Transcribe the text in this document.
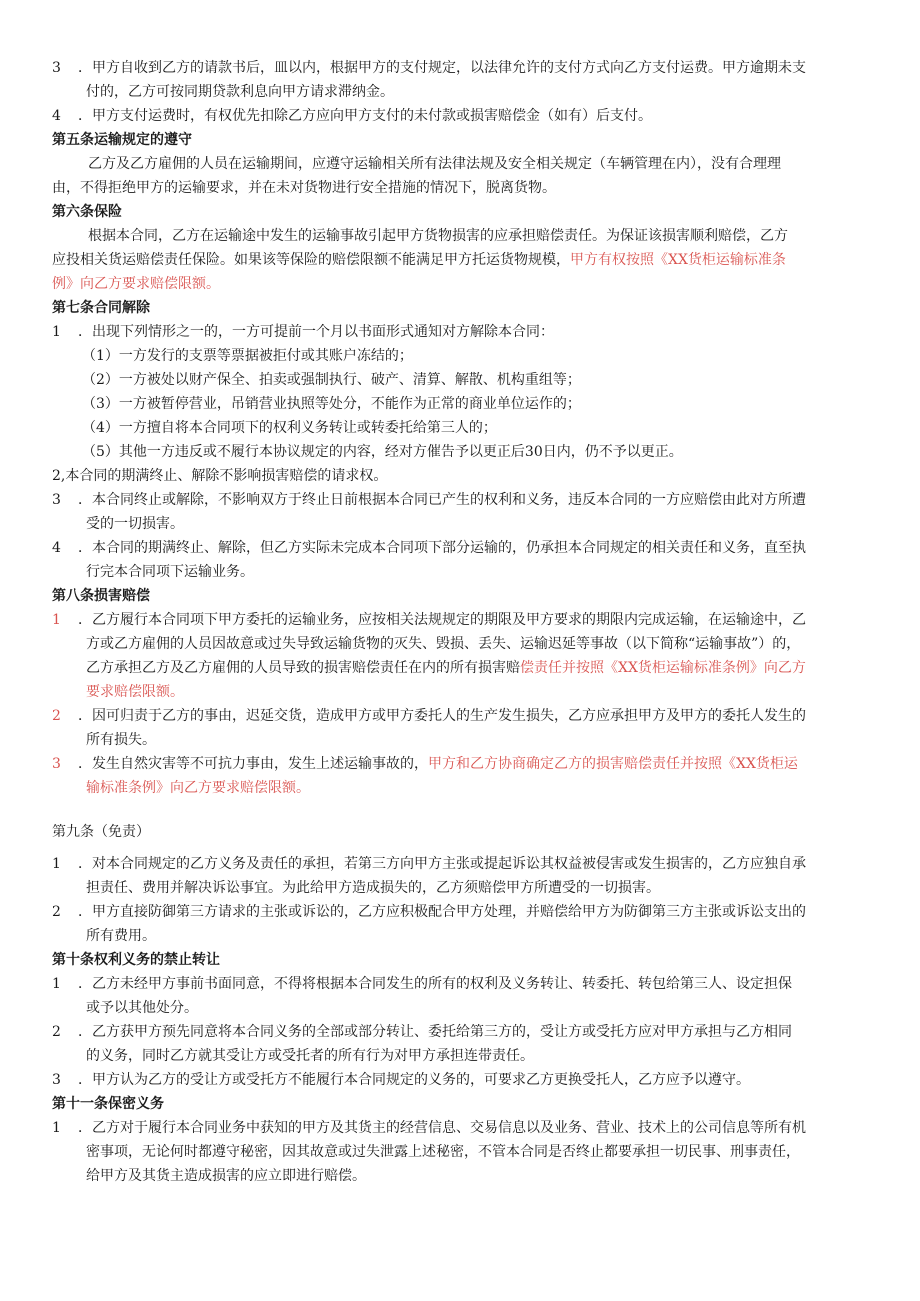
3 ．甲方自收到乙方的请款书后，皿以内，根据甲方的支付规定，以法律允许的支付方式向乙方支付运费。甲方逾期未支
付的，乙方可按同期贷款利息向甲方请求滞纳金。
4 ．甲方支付运费时，有权优先扣除乙方应向甲方支付的未付款或损害赔偿金（如有）后支付。
第五条运输规定的遵守
乙方及乙方雇佣的人员在运输期间，应遵守运输相关所有法律法规及安全相关规定（车辆管理在内），没有合理理
由，不得拒绝甲方的运输要求，并在未对货物进行安全措施的情况下，脱离货物。
第六条保险
根据本合同，乙方在运输途中发生的运输事故引起甲方货物损害的应承担赔偿责任。为保证该损害顺利赔偿，乙方
应投相关货运赔偿责任保险。如果该等保险的赔偿限额不能满足甲方托运货物规模，甲方有权按照《XX货柜运输标准条
例》向乙方要求赔偿限额。
第七条合同解除
1 ．出现下列情形之一的，一方可提前一个月以书面形式通知对方解除本合同：
（1）一方发行的支票等票据被拒付或其账户冻结的；
（2）一方被处以财产保全、拍卖或强制执行、破产、清算、解散、机构重组等；
（3）一方被暂停营业，吊销营业执照等处分，不能作为正常的商业单位运作的；
（4）一方擅自将本合同项下的权利义务转让或转委托给第三人的；
（5）其他一方违反或不履行本协议规定的内容，经对方催告予以更正后30日内，仍不予以更正。
2,本合同的期满终止、解除不影响损害赔偿的请求权。
3 ．本合同终止或解除，不影响双方于终止日前根据本合同已产生的权利和义务，违反本合同的一方应赔偿由此对方所遭
受的一切损害。
4 ．本合同的期满终止、解除，但乙方实际未完成本合同项下部分运输的，仍承担本合同规定的相关责任和义务，直至执
行完本合同项下运输业务。
第八条损害赔偿
1 ．乙方履行本合同项下甲方委托的运输业务，应按相关法规规定的期限及甲方要求的期限内完成运输，在运输途中，乙
方或乙方雇佣的人员因故意或过失导致运输货物的灭失、毁损、丢失、运输迟延等事故（以下简称“运输事故”）的，
乙方承担乙方及乙方雇佣的人员导致的损害赔偿责任在内的所有损害赔偿责任并按照《XX货柜运输标准条例》向乙方
要求赔偿限额。
2 ．因可归责于乙方的事由，迟延交货，造成甲方或甲方委托人的生产发生损失，乙方应承担甲方及甲方的委托人发生的
所有损失。
3 ．发生自然灾害等不可抗力事由，发生上述运输事故的，甲方和乙方协商确定乙方的损害赔偿责任并按照《XX货柜运
输标准条例》向乙方要求赔偿限额。
第九条（免责）
1 ．对本合同规定的乙方义务及责任的承担，若第三方向甲方主张或提起诉讼其权益被侵害或发生损害的，乙方应独自承
担责任、费用并解决诉讼事宜。为此给甲方造成损失的，乙方须赔偿甲方所遭受的一切损害。
2 ．甲方直接防御第三方请求的主张或诉讼的，乙方应积极配合甲方处理，并赔偿给甲方为防御第三方主张或诉讼支出的
所有费用。
第十条权利义务的禁止转让
1 ．乙方未经甲方事前书面同意，不得将根据本合同发生的所有的权利及义务转让、转委托、转包给第三人、设定担保
或予以其他处分。
2 ．乙方获甲方预先同意将本合同义务的全部或部分转让、委托给第三方的，受让方或受托方应对甲方承担与乙方相同
的义务，同时乙方就其受让方或受托者的所有行为对甲方承担连带责任。
3 ．甲方认为乙方的受让方或受托方不能履行本合同规定的义务的，可要求乙方更换受托人，乙方应予以遵守。
第十一条保密义务
1 ．乙方对于履行本合同业务中获知的甲方及其货主的经营信息、交易信息以及业务、营业、技术上的公司信息等所有机
密事项，无论何时都遵守秘密，因其故意或过失泄露上述秘密，不管本合同是否终止都要承担一切民事、刑事责任，
给甲方及其货主造成损害的应立即进行赔偿。
